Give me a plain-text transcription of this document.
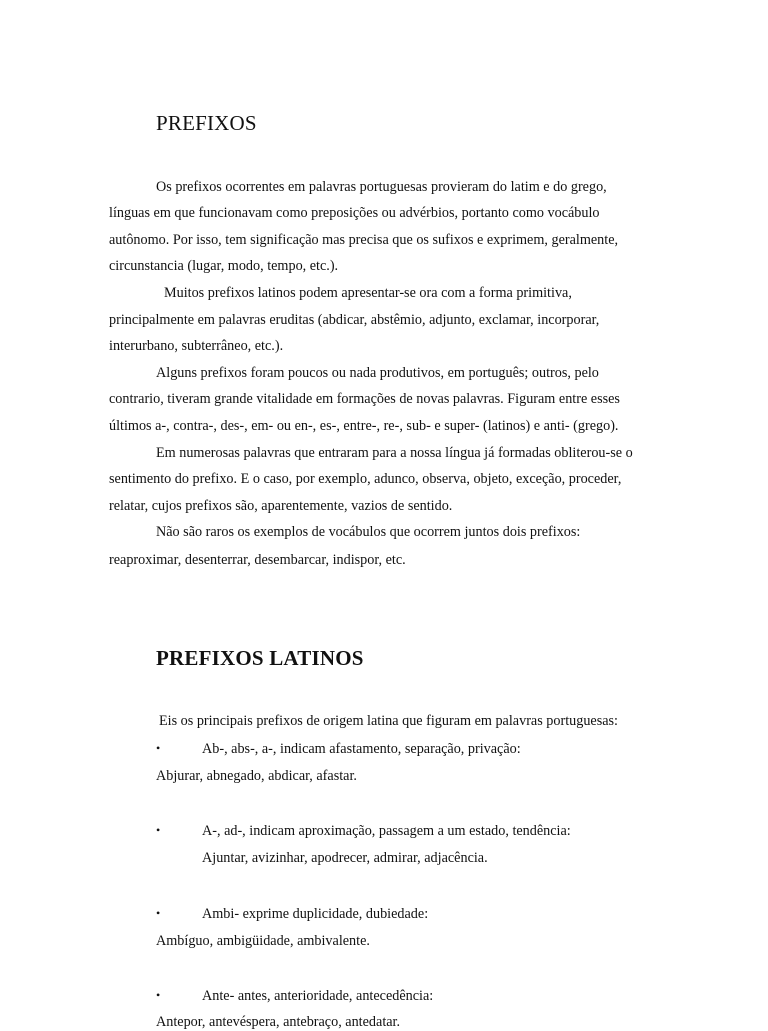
PREFIXOS
Os prefixos ocorrentes em palavras portuguesas provieram do latim e do grego,
línguas em que funcionavam como preposições ou advérbios, portanto como vocábulo
autônomo. Por isso, tem significação mas precisa que os sufixos e exprimem, geralmente,
circunstancia (lugar, modo, tempo, etc.).
Muitos prefixos latinos podem apresentar-se ora com a forma primitiva,
principalmente em palavras eruditas (abdicar, abstêmio, adjunto, exclamar, incorporar,
interurbano, subterrâneo, etc.).
Alguns prefixos foram poucos ou nada produtivos, em português; outros, pelo
contrario, tiveram grande vitalidade em formações de novas palavras. Figuram entre esses
últimos a-, contra-, des-, em- ou en-, es-, entre-, re-, sub- e super- (latinos) e anti- (grego).
Em numerosas palavras que entraram para a nossa língua já formadas obliterou-se o
sentimento do prefixo. E o caso, por exemplo, adunco, observa, objeto, exceção, proceder,
relatar, cujos prefixos são, aparentemente, vazios de sentido.
Não são raros os exemplos de vocábulos que ocorrem juntos dois prefixos:
reaproximar, desenterrar, desembarcar, indispor, etc.
PREFIXOS LATINOS
Eis os principais prefixos de origem latina que figuram em palavras portuguesas:
•	Ab-, abs-, a-, indicam afastamento, separação, privação:
Abjurar, abnegado, abdicar, afastar.
•	A-, ad-, indicam aproximação, passagem a um estado, tendência:
Ajuntar, avizinhar, apodrecer, admirar, adjacência.
•	Ambi- exprime duplicidade, dubiedade:
Ambíguo, ambigüidade, ambivalente.
•	Ante- antes, anterioridade, antecedência:
Antepor, antevéspera, antebraço, antedatar.
